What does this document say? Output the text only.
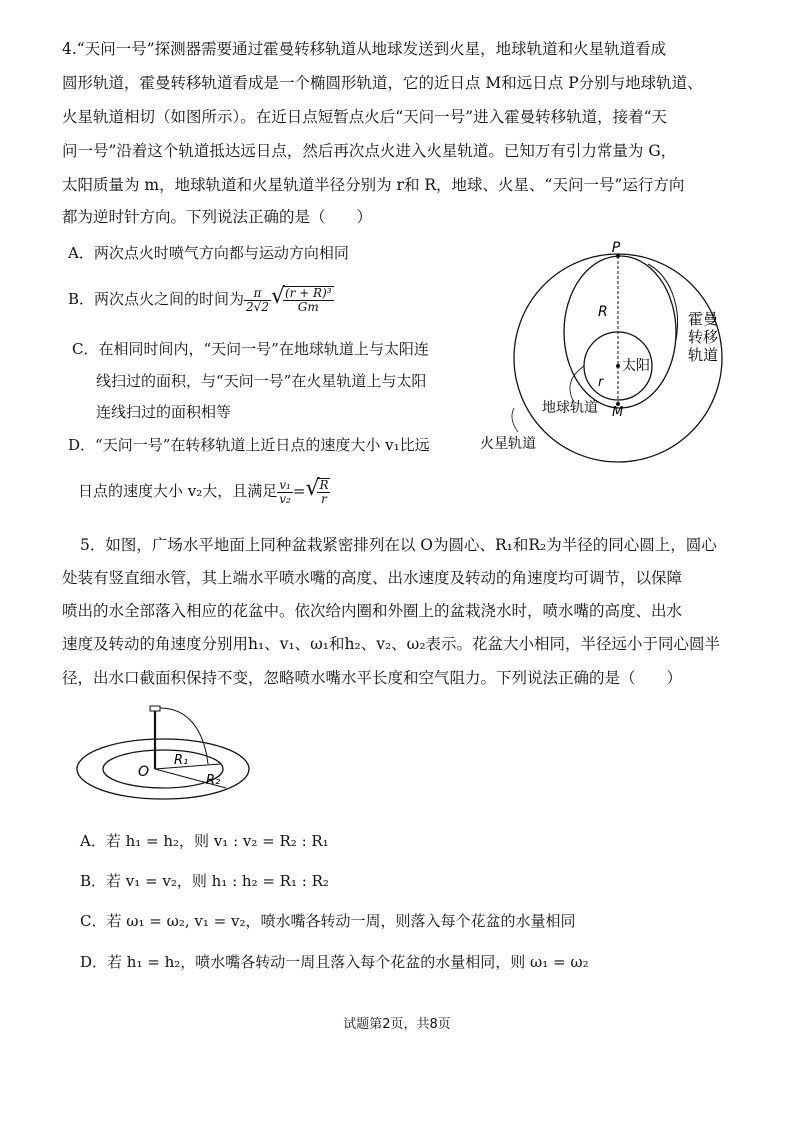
4.“天问一号”探测器需要通过霍曼转移轨道从地球发送到火星，地球轨道和火星轨道看成
圆形轨道，霍曼转移轨道看成是一个椭圆形轨道，它的近日点 M和远日点 P分别与地球轨道、
火星轨道相切（如图所示）。在近日点短暂点火后“天问一号”进入霍曼转移轨道，接着“天
问一号”沿着这个轨道抵达远日点，然后再次点火进入火星轨道。已知万有引力常量为 G，
太阳质量为 m，地球轨道和火星轨道半径分别为 r和 R，地球、火星、“天问一号”运行方向
都为逆时针方向。下列说法正确的是（　　）
A．两次点火时喷气方向都与运动方向相同
B．两次点火之间的时间为 $\frac{\pi}{2√2}$ √
$\frac{\text{(r + R)³}}{Gm}$
C．在相同时间内，“天问一号”在地球轨道上与太阳连
线扫过的面积，与“天问一号”在火星轨道上与太阳
连线扫过的面积相等
D．“天问一号”在转移轨道上近日点的速度大小 v₁比远
日点的速度大小 v₂大，且满足 $\frac{\text{v₁}}{\text{v₂}}$ = √
$\frac{R}{r}$
P
R	霍曼
转移
轨道
太阳
r
地球轨道 M
火星轨道
5．如图，广场水平地面上同种盆栽紧密排列在以 O为圆心、R₁和R₂为半径的同心圆上，圆心
处装有竖直细水管，其上端水平喷水嘴的高度、出水速度及转动的角速度均可调节，以保障
喷出的水全部落入相应的花盆中。依次给内圈和外圈上的盆栽浇水时，喷水嘴的高度、出水
速度及转动的角速度分别用h₁、v₁、ω₁和h₂、v₂、ω₂表示。花盆大小相同，半径远小于同心圆半
径，出水口截面积保持不变，忽略喷水嘴水平长度和空气阻力。下列说法正确的是（　　）
O
R₁
R₂
A．若 h₁ = h₂，则 v₁ : v₂ = R₂ : R₁
B．若 v₁ = v₂，则 h₁ : h₂ = R₁ : R₂
C．若 ω₁ = ω₂, v₁ = v₂，喷水嘴各转动一周，则落入每个花盆的水量相同
D．若 h₁ = h₂，喷水嘴各转动一周且落入每个花盆的水量相同，则 ω₁ = ω₂
试题第2页，共8页
